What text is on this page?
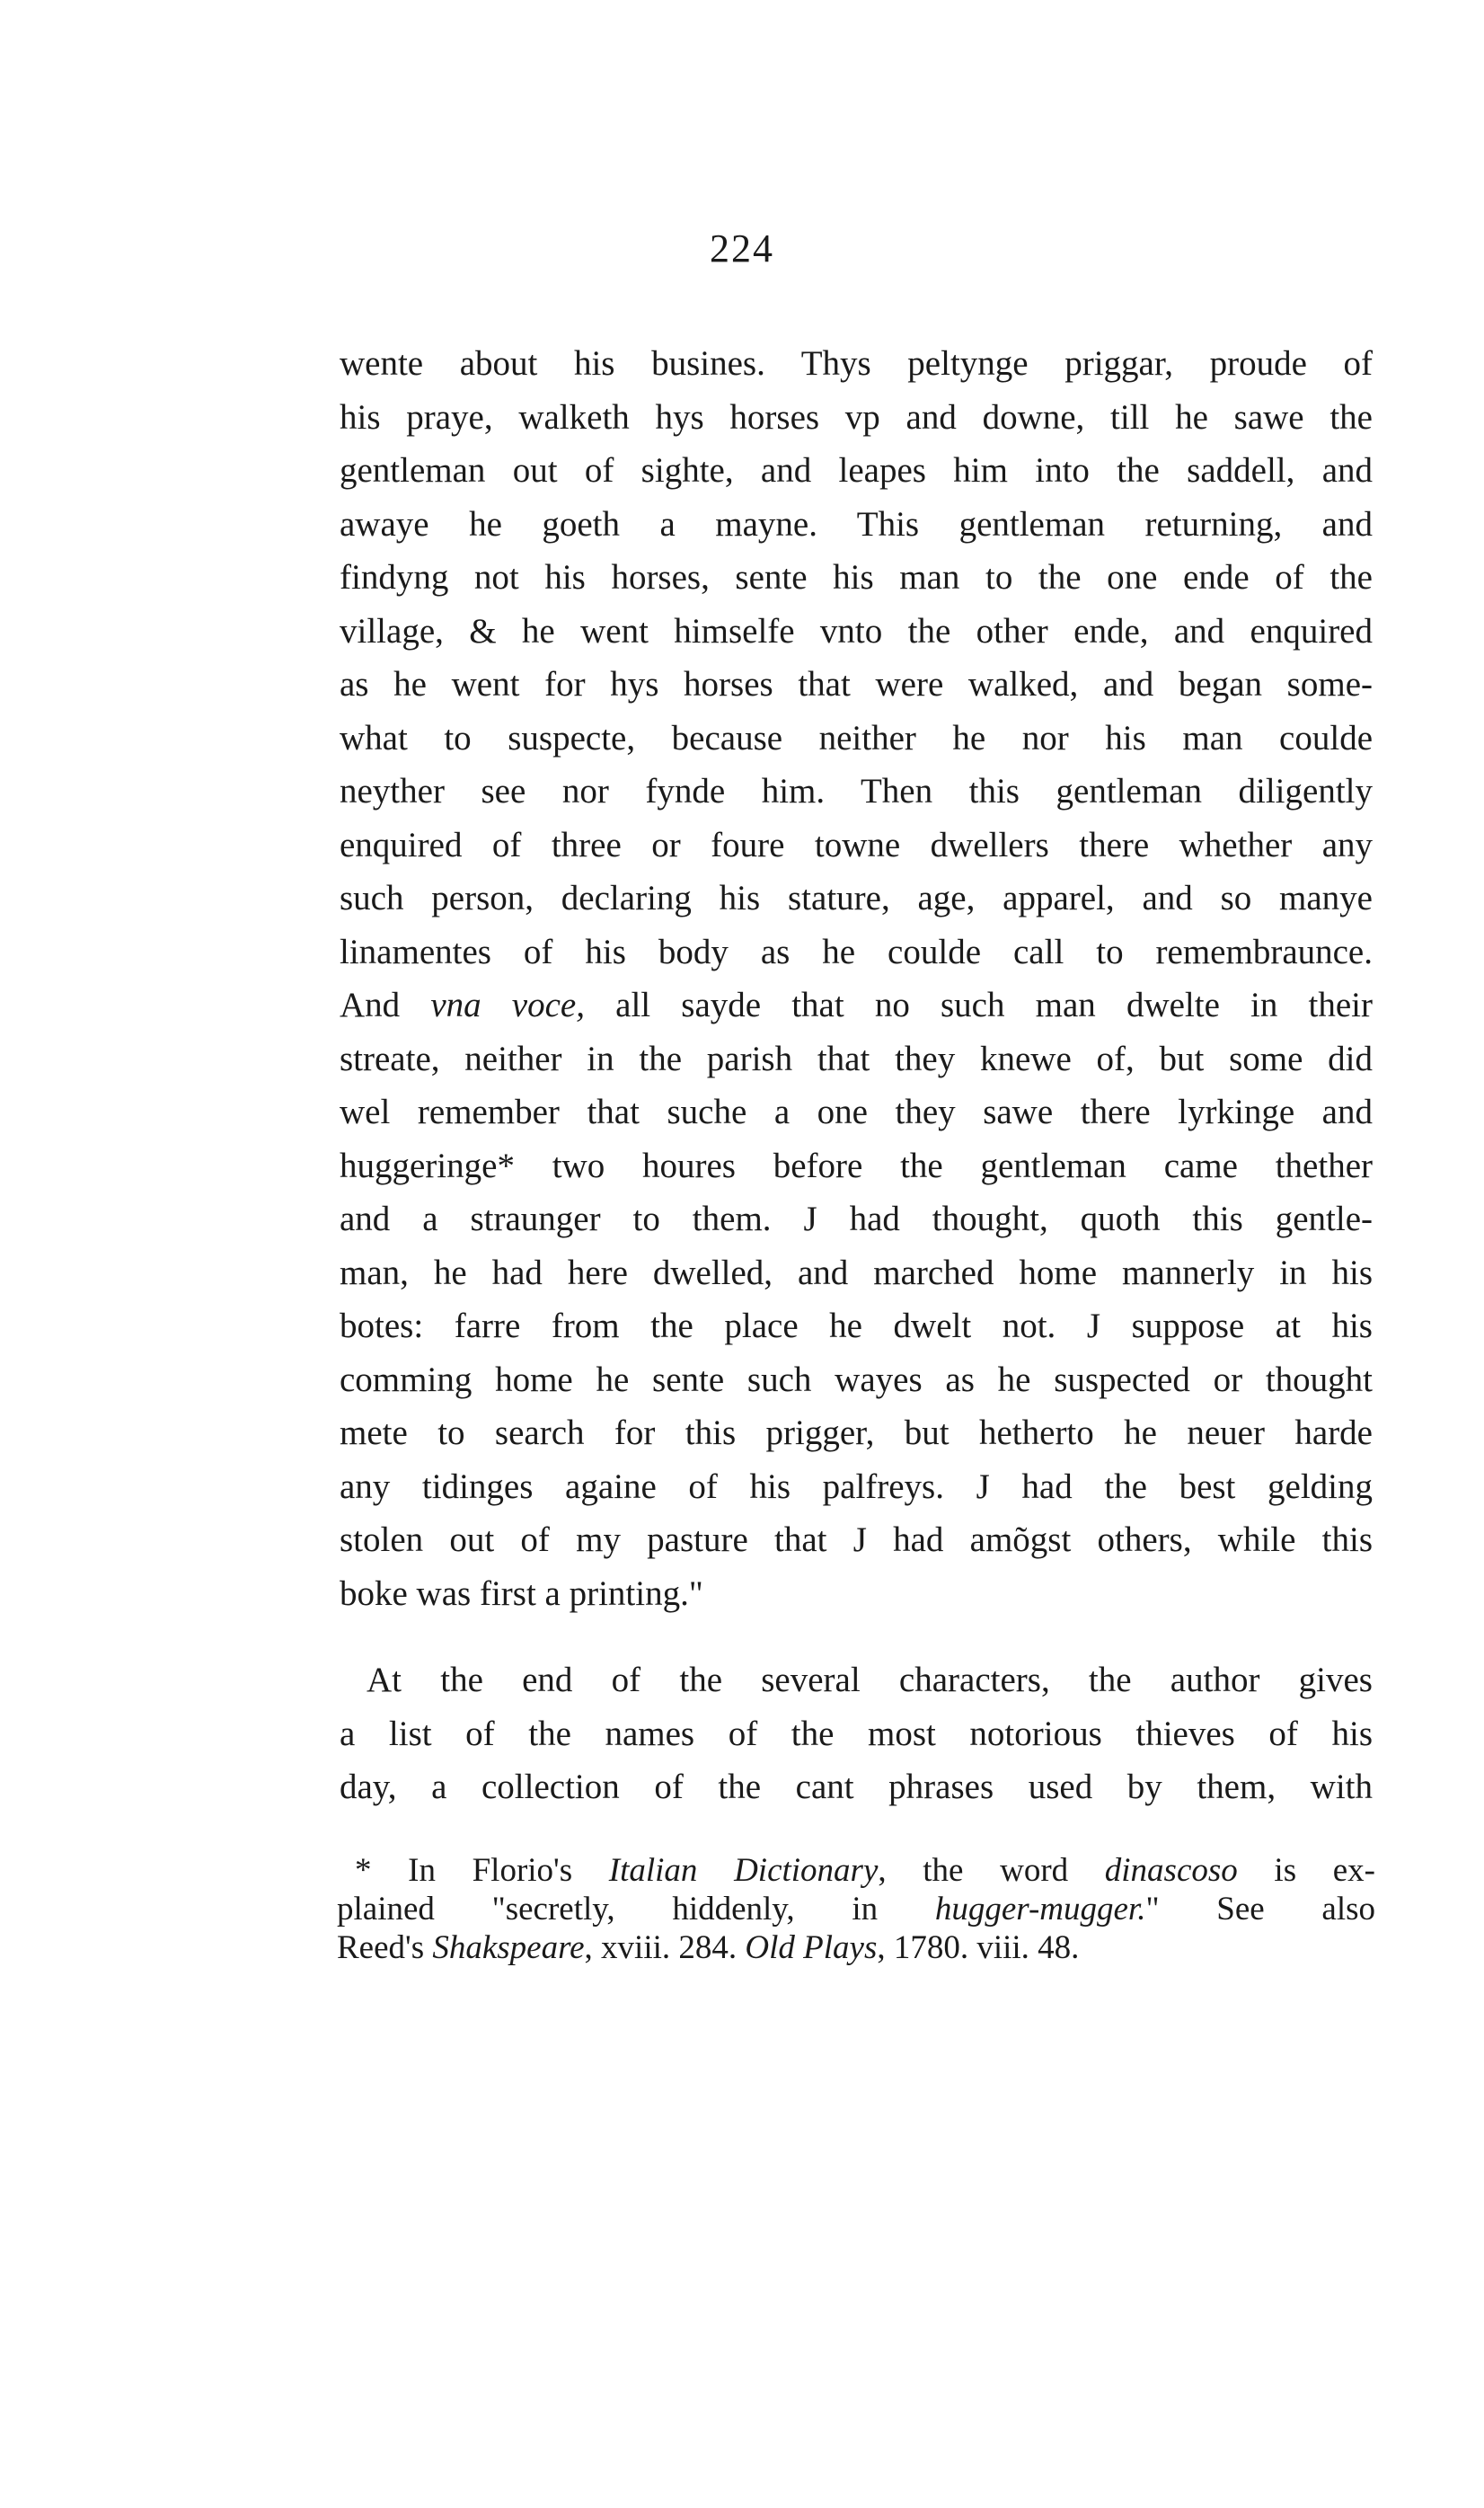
224
wente about his busines. Thys peltynge priggar, proude of
his praye, walketh hys horses vp and downe, till he sawe the
gentleman out of sighte, and leapes him into the saddell, and
awaye he goeth a mayne. This gentleman returning, and
findyng not his horses, sente his man to the one ende of the
village, & he went himselfe vnto the other ende, and enquired
as he went for hys horses that were walked, and began some-
what to suspecte, because neither he nor his man coulde
neyther see nor fynde him. Then this gentleman diligently
enquired of three or foure towne dwellers there whether any
such person, declaring his stature, age, apparel, and so manye
linamentes of his body as he coulde call to remembraunce.
And vna voce, all sayde that no such man dwelte in their
streate, neither in the parish that they knewe of, but some did
wel remember that suche a one they sawe there lyrkinge and
huggeringe* two houres before the gentleman came thether
and a straunger to them. J had thought, quoth this gentle-
man, he had here dwelled, and marched home mannerly in his
botes: farre from the place he dwelt not. J suppose at his
comming home he sente such wayes as he suspected or thought
mete to search for this prigger, but hetherto he neuer harde
any tidinges againe of his palfreys. J had the best gelding
stolen out of my pasture that J had amõgst others, while this
boke was first a printing."
At the end of the several characters, the author gives
a list of the names of the most notorious thieves of his
day, a collection of the cant phrases used by them, with
* In Florio's Italian Dictionary, the word dinascoso is ex-
plained "secretly, hiddenly, in hugger-mugger." See also
Reed's Shakspeare, xviii. 284. Old Plays, 1780. viii. 48.
